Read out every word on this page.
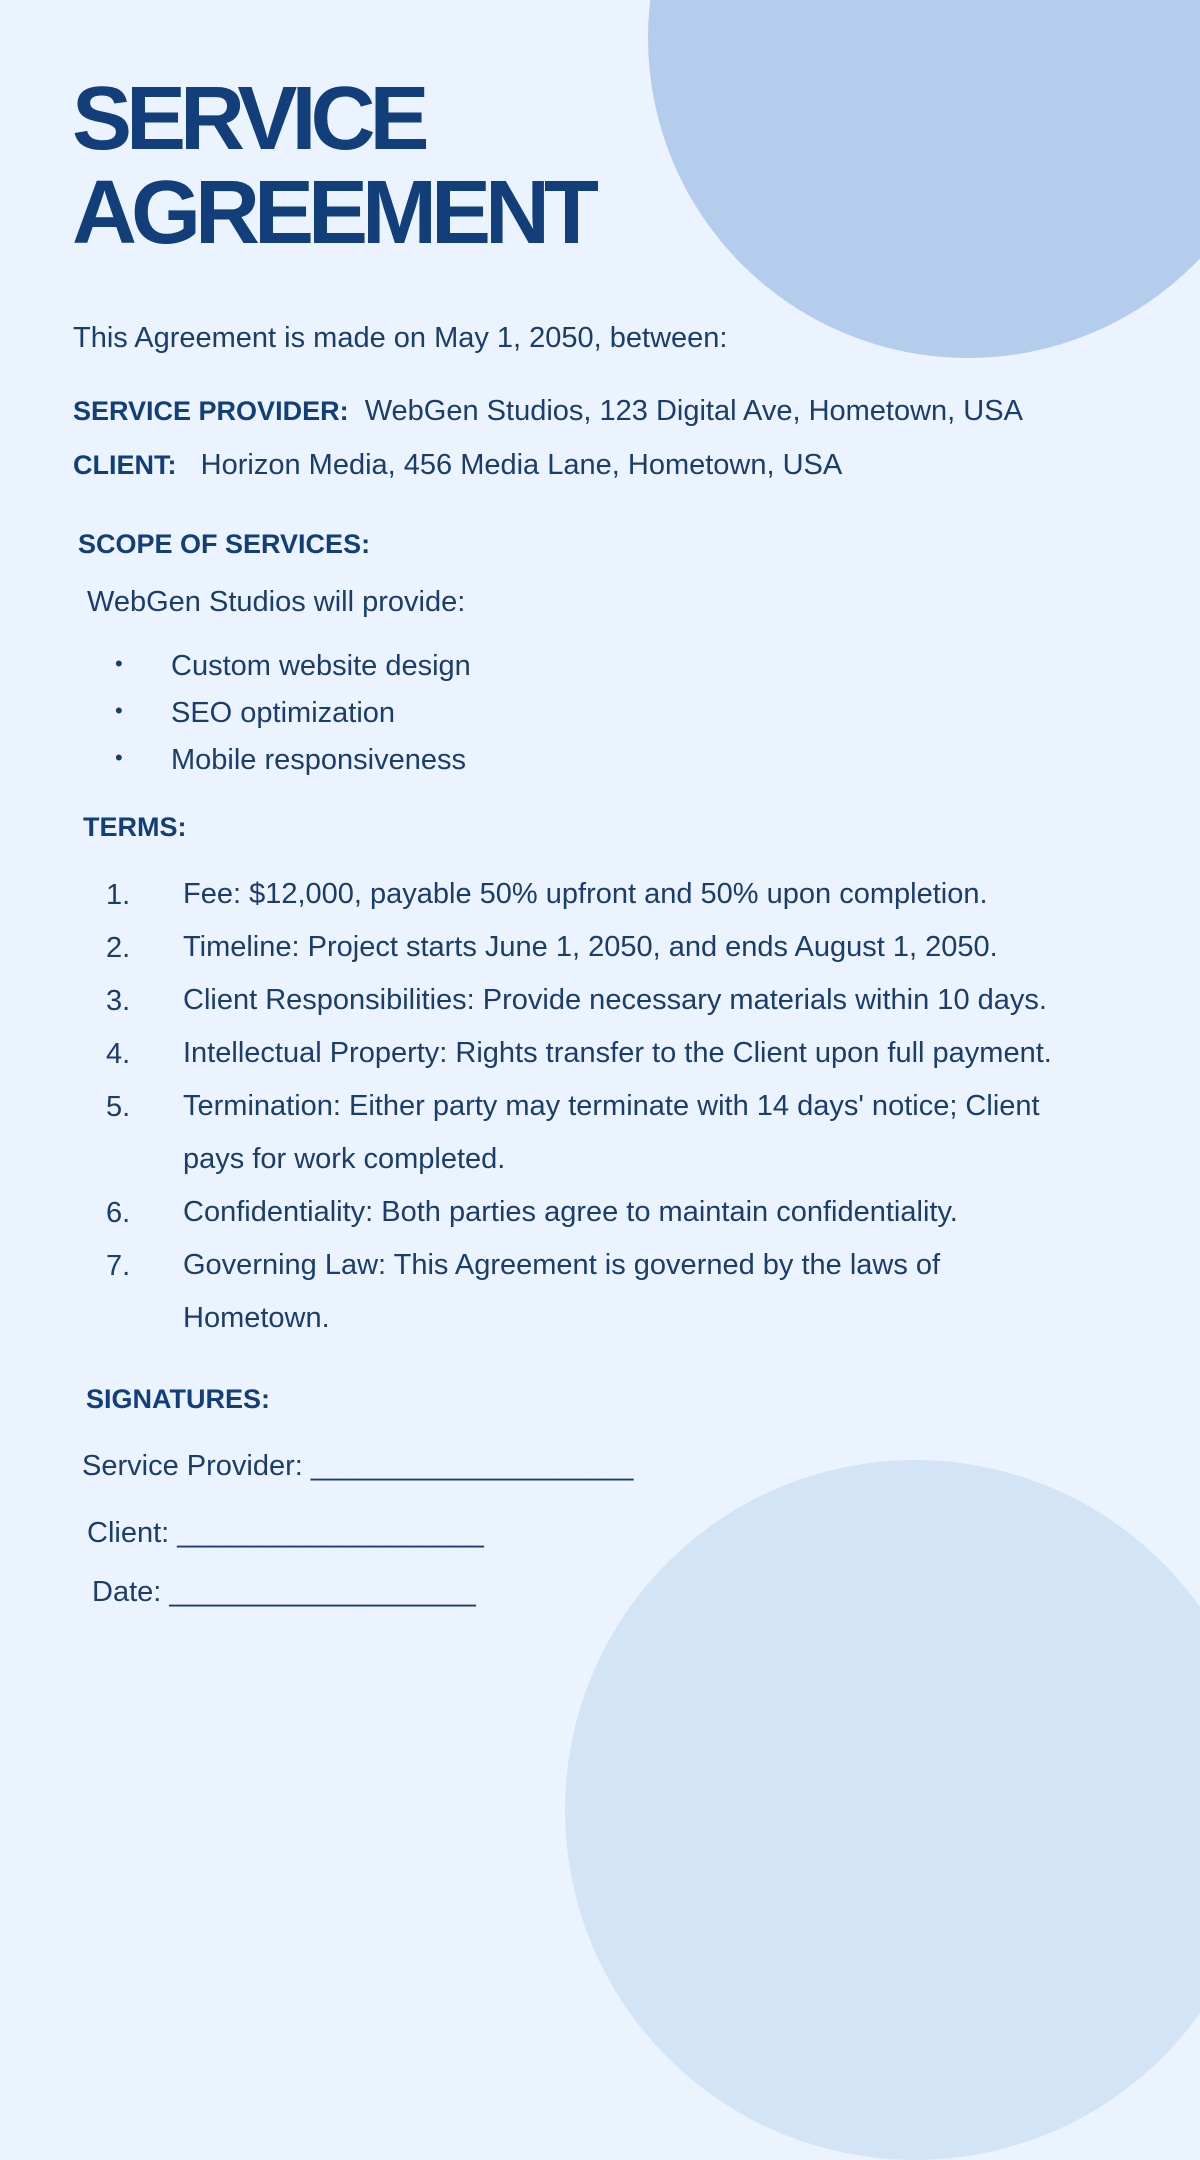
SERVICE
AGREEMENT
This Agreement is made on May 1, 2050, between:
SERVICE PROVIDER: WebGen Studios, 123 Digital Ave, Hometown, USA
CLIENT: Horizon Media, 456 Media Lane, Hometown, USA
SCOPE OF SERVICES:
WebGen Studios will provide:
• Custom website design
• SEO optimization
• Mobile responsiveness
TERMS:
1. Fee: $12,000, payable 50% upfront and 50% upon completion.
2. Timeline: Project starts June 1, 2050, and ends August 1, 2050.
3. Client Responsibilities: Provide necessary materials within 10 days.
4. Intellectual Property: Rights transfer to the Client upon full payment.
5. Termination: Either party may terminate with 14 days' notice; Client pays for work completed.
6. Confidentiality: Both parties agree to maintain confidentiality.
7. Governing Law: This Agreement is governed by the laws of Hometown.
SIGNATURES:
Service Provider: ____________________
Client: ___________________
Date: ___________________
